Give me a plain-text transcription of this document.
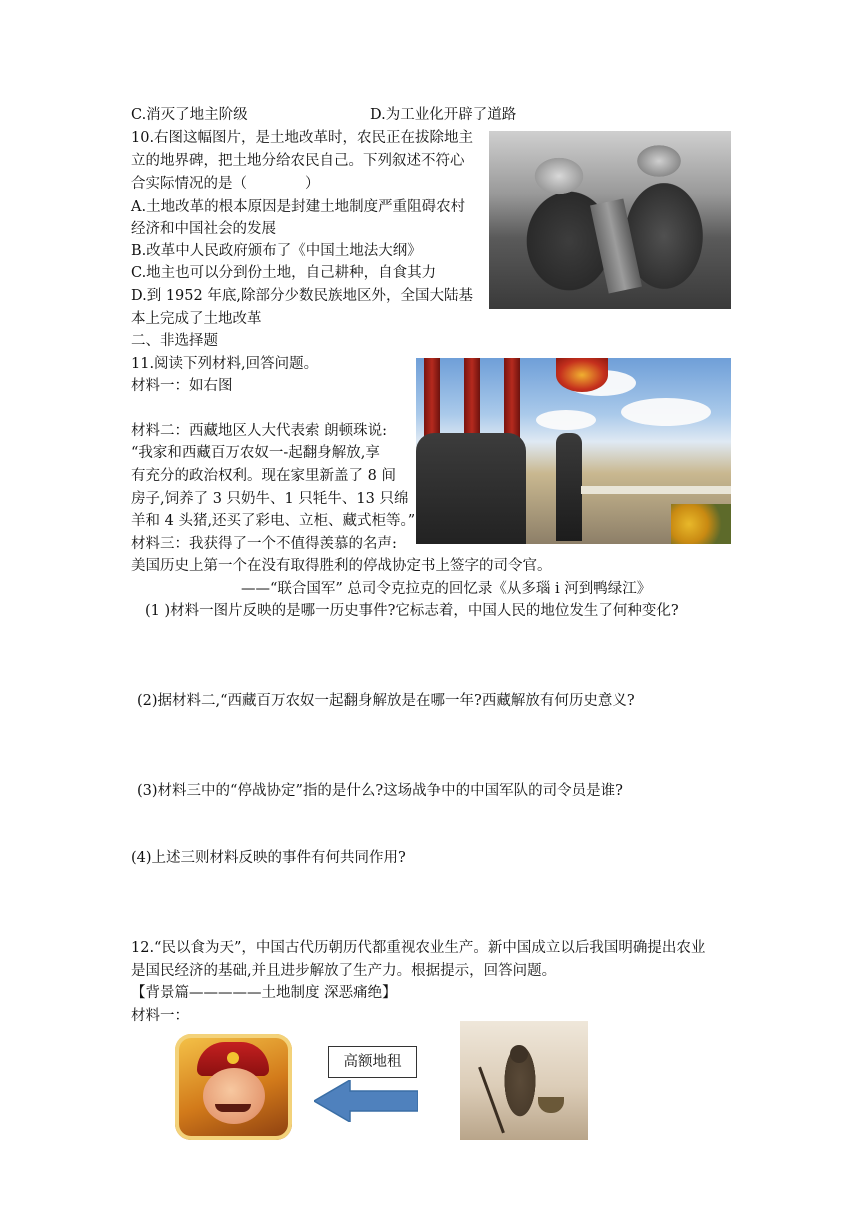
C.消灭了地主阶级	D.为工业化开辟了道路
10.右图这幅图片，是土地改革时，农民正在拔除地主
立的地界碑，把土地分给农民自己。下列叙述不符心
合实际情况的是（　　　　）
A.土地改革的根本原因是封建土地制度严重阻碍农村
经济和中国社会的发展
B.改革中人民政府颁布了《中国土地法大纲》
C.地主也可以分到份土地，自己耕种，自食其力
D.到 1952 年底,除部分少数民族地区外，全国大陆基
本上完成了土地改革
二、非选择题
11.阅读下列材料,回答问题。
材料一：如右图
材料二：西藏地区人大代表索 朗顿珠说:
“我家和西藏百万农奴一-起翻身解放,享
有充分的政治权利。现在家里新盖了 8 间
房子,饲养了 3 只奶牛、1 只牦牛、13 只绵
羊和 4 头猪,还买了彩电、立柜、藏式柜等。”
材料三：我获得了一个不值得羡慕的名声:
美国历史上第一个在没有取得胜利的停战协定书上签字的司令官。
——“联合国军” 总司令克拉克的回忆录《从多瑙 i 河到鸭绿江》
(1 )材料一图片反映的是哪一历史事件?它标志着，中国人民的地位发生了何种变化?
(2)据材料二,“西藏百万农奴一起翻身解放是在哪一年?西藏解放有何历史意义?
(3)材料三中的“停战协定”指的是什么?这场战争中的中国军队的司令员是谁?
(4)上述三则材料反映的事件有何共同作用?
12.“民以食为天”，中国古代历朝历代都重视农业生产。新中国成立以后我国明确提出农业
是国民经济的基础,并且进步解放了生产力。根据提示，回答问题。
【背景篇—————土地制度 深恶痛绝】
材料一：
高额地租
